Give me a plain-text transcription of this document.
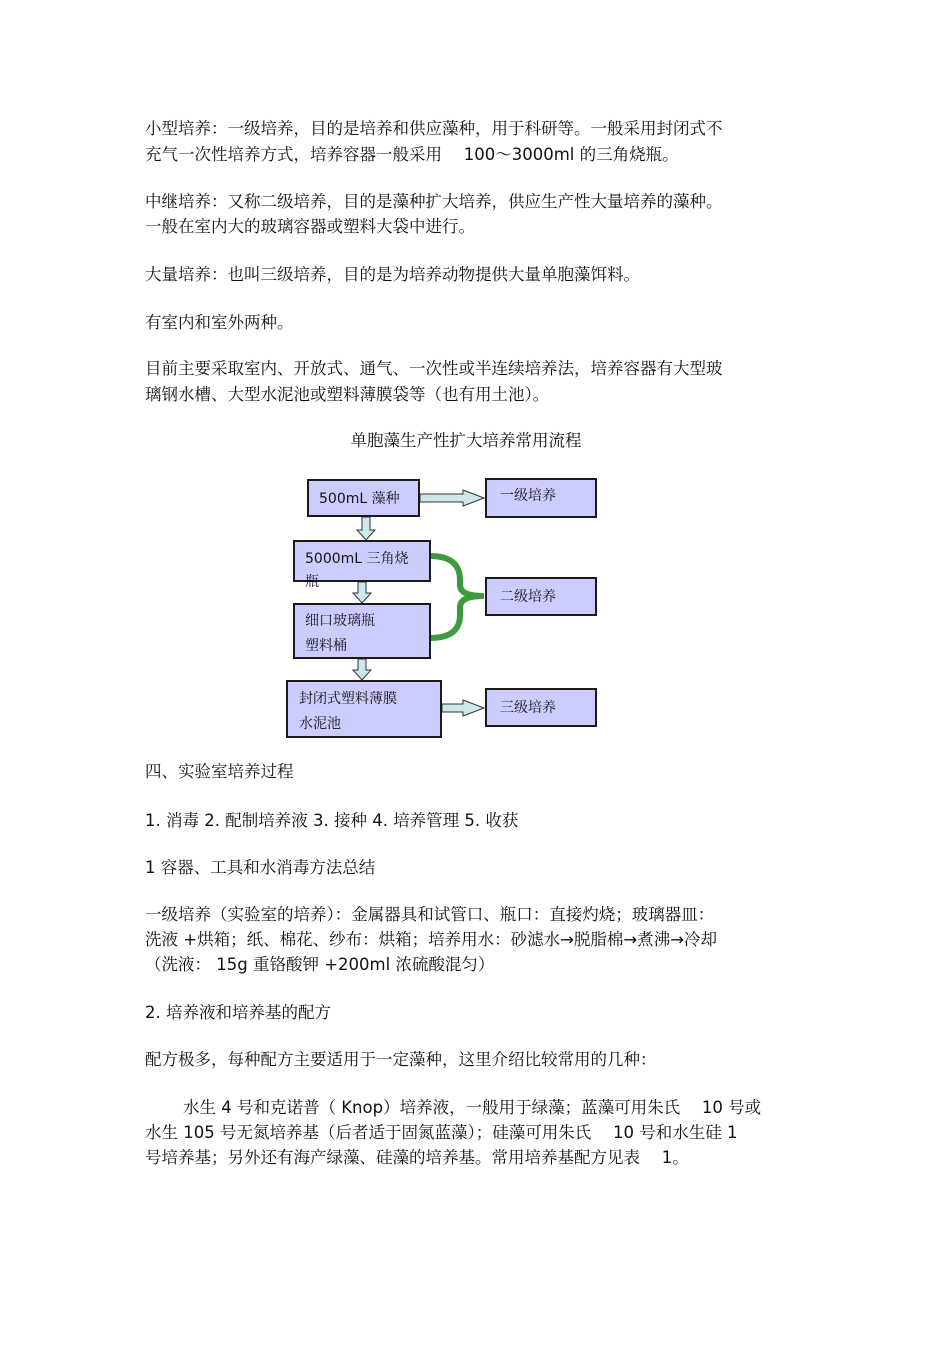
小型培养：一级培养，目的是培养和供应藻种，用于科研等。一般采用封闭式不
充气一次性培养方式，培养容器一般采用　 100～3000ml 的三角烧瓶。
中继培养：又称二级培养，目的是藻种扩大培养，供应生产性大量培养的藻种。
一般在室内大的玻璃容器或塑料大袋中进行。
大量培养：也叫三级培养，目的是为培养动物提供大量单胞藻饵料。
有室内和室外两种。
目前主要采取室内、开放式、通气、一次性或半连续培养法，培养容器有大型玻
璃钢水槽、大型水泥池或塑料薄膜袋等（也有用土池）。
单胞藻生产性扩大培养常用流程
500mL 藻种	一级培养
5000mL 三角烧
瓶
二级培养
细口玻璃瓶
塑料桶
封闭式塑料薄膜
水泥池
三级培养
四、实验室培养过程
1. 消毒 2. 配制培养液 3. 接种 4. 培养管理 5. 收获
1 容器、工具和水消毒方法总结
一级培养（实验室的培养）：金属器具和试管口、瓶口：直接灼烧；玻璃器皿：
洗液 +烘箱；纸、棉花、纱布：烘箱；培养用水：砂滤水→脱脂棉→煮沸→冷却
（洗液： 15g 重铬酸钾 +200ml 浓硫酸混匀）
2. 培养液和培养基的配方
配方极多，每种配方主要适用于一定藻种，这里介绍比较常用的几种：
水生 4 号和克诺普（ Knop）培养液，一般用于绿藻；蓝藻可用朱氏　 10 号或
水生 105 号无氮培养基（后者适于固氮蓝藻）；硅藻可用朱氏　 10 号和水生硅 1
号培养基；另外还有海产绿藻、硅藻的培养基。常用培养基配方见表　 1。
